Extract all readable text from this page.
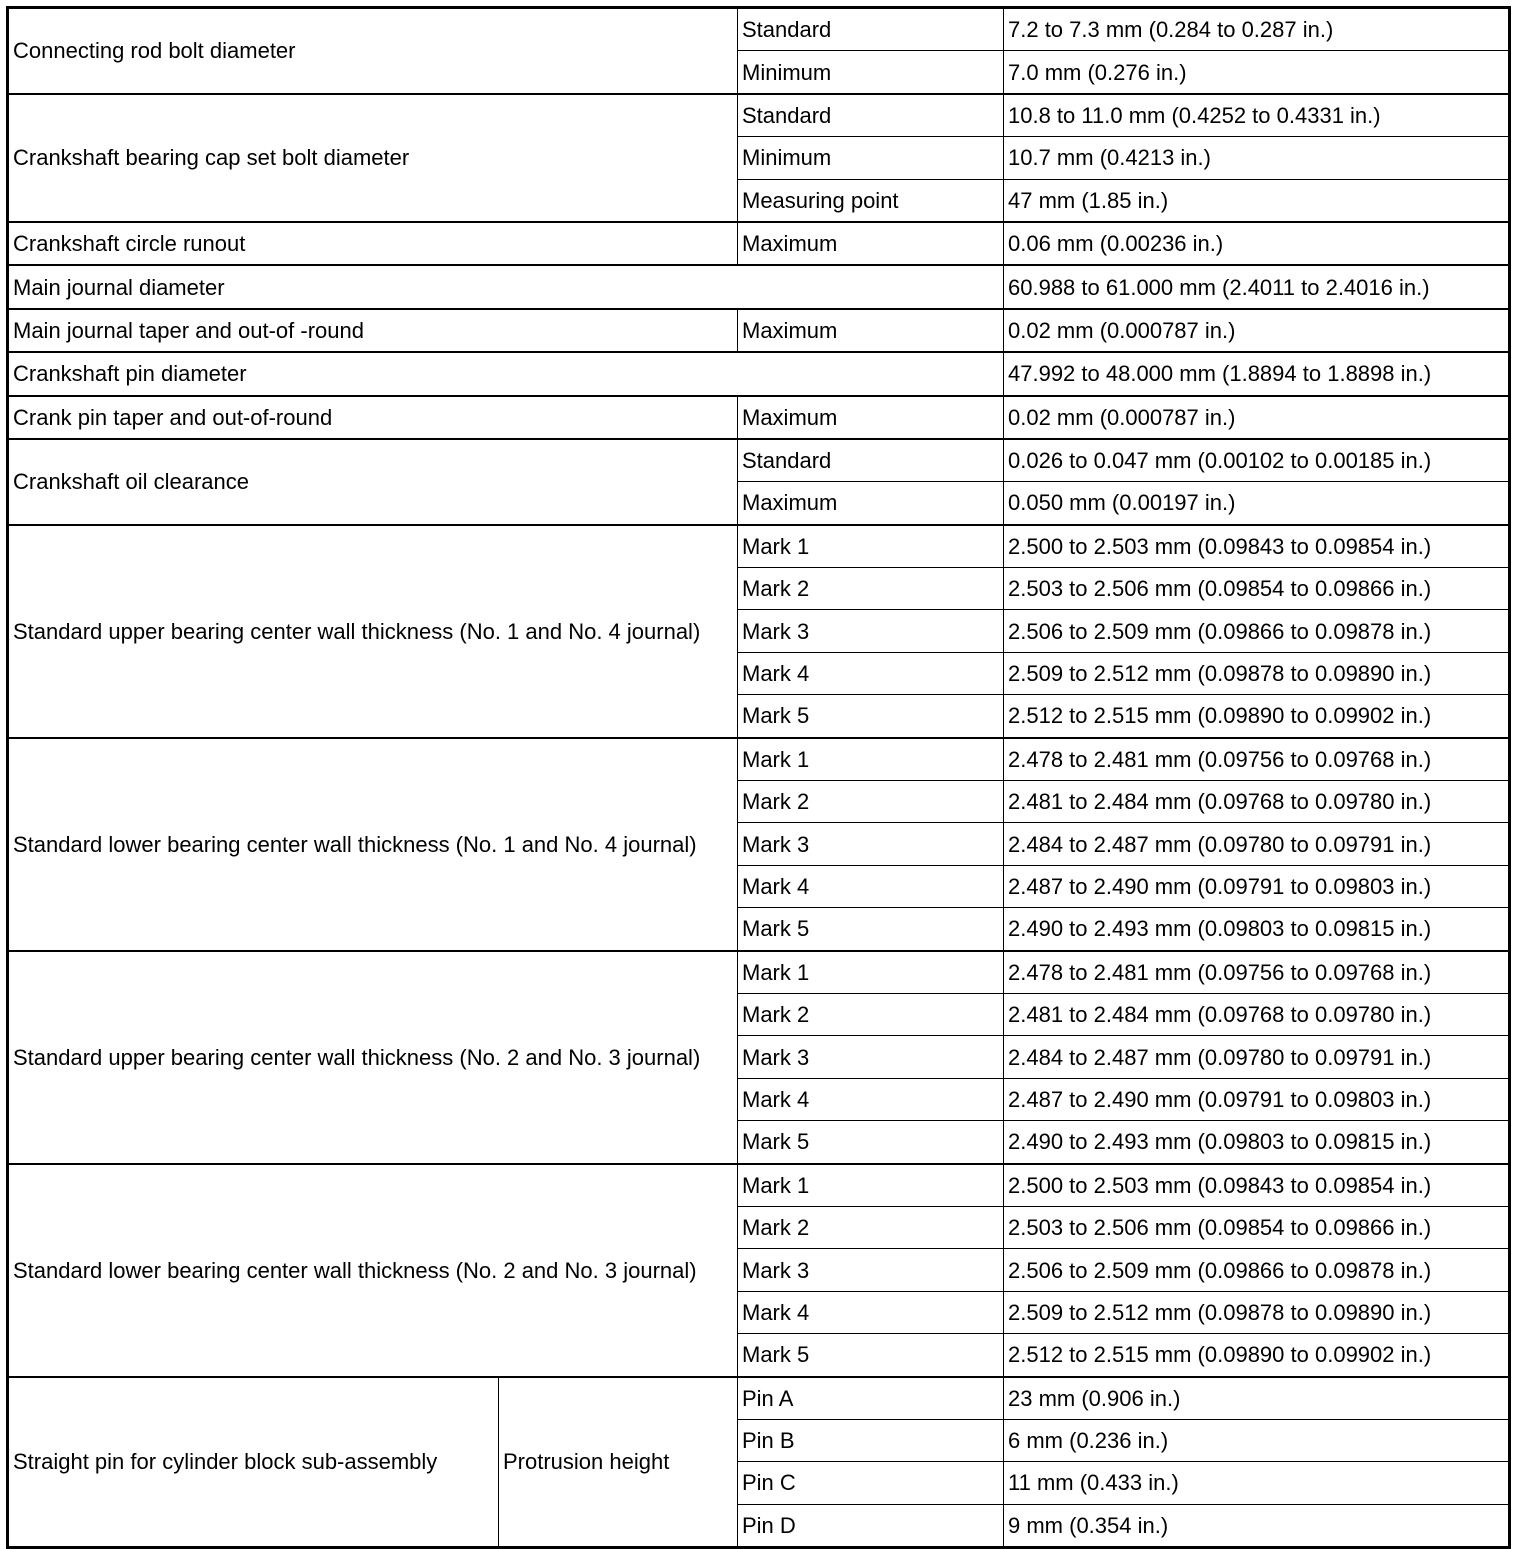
Connecting rod bolt diameter		Standard	7.2 to 7.3 mm (0.284 to 0.287 in.)
		Minimum	7.0 mm (0.276 in.)
Crankshaft bearing cap set bolt diameter		Standard	10.8 to 11.0 mm (0.4252 to 0.4331 in.)
		Minimum	10.7 mm (0.4213 in.)
		Measuring point	47 mm (1.85 in.)
Crankshaft circle runout		Maximum	0.06 mm (0.00236 in.)
Main journal diameter			60.988 to 61.000 mm (2.4011 to 2.4016 in.)
Main journal taper and out-of -round		Maximum	0.02 mm (0.000787 in.)
Crankshaft pin diameter			47.992 to 48.000 mm (1.8894 to 1.8898 in.)
Crank pin taper and out-of-round		Maximum	0.02 mm (0.000787 in.)
Crankshaft oil clearance		Standard	0.026 to 0.047 mm (0.00102 to 0.00185 in.)
		Maximum	0.050 mm (0.00197 in.)
Standard upper bearing center wall thickness (No. 1 and No. 4 journal)		Mark 1	2.500 to 2.503 mm (0.09843 to 0.09854 in.)
		Mark 2	2.503 to 2.506 mm (0.09854 to 0.09866 in.)
		Mark 3	2.506 to 2.509 mm (0.09866 to 0.09878 in.)
		Mark 4	2.509 to 2.512 mm (0.09878 to 0.09890 in.)
		Mark 5	2.512 to 2.515 mm (0.09890 to 0.09902 in.)
Standard lower bearing center wall thickness (No. 1 and No. 4 journal)		Mark 1	2.478 to 2.481 mm (0.09756 to 0.09768 in.)
		Mark 2	2.481 to 2.484 mm (0.09768 to 0.09780 in.)
		Mark 3	2.484 to 2.487 mm (0.09780 to 0.09791 in.)
		Mark 4	2.487 to 2.490 mm (0.09791 to 0.09803 in.)
		Mark 5	2.490 to 2.493 mm (0.09803 to 0.09815 in.)
Standard upper bearing center wall thickness (No. 2 and No. 3 journal)		Mark 1	2.478 to 2.481 mm (0.09756 to 0.09768 in.)
		Mark 2	2.481 to 2.484 mm (0.09768 to 0.09780 in.)
		Mark 3	2.484 to 2.487 mm (0.09780 to 0.09791 in.)
		Mark 4	2.487 to 2.490 mm (0.09791 to 0.09803 in.)
		Mark 5	2.490 to 2.493 mm (0.09803 to 0.09815 in.)
Standard lower bearing center wall thickness (No. 2 and No. 3 journal)		Mark 1	2.500 to 2.503 mm (0.09843 to 0.09854 in.)
		Mark 2	2.503 to 2.506 mm (0.09854 to 0.09866 in.)
		Mark 3	2.506 to 2.509 mm (0.09866 to 0.09878 in.)
		Mark 4	2.509 to 2.512 mm (0.09878 to 0.09890 in.)
		Mark 5	2.512 to 2.515 mm (0.09890 to 0.09902 in.)
Straight pin for cylinder block sub-assembly	Protrusion height	Pin A	23 mm (0.906 in.)
		Pin B	6 mm (0.236 in.)
		Pin C	11 mm (0.433 in.)
		Pin D	9 mm (0.354 in.)
